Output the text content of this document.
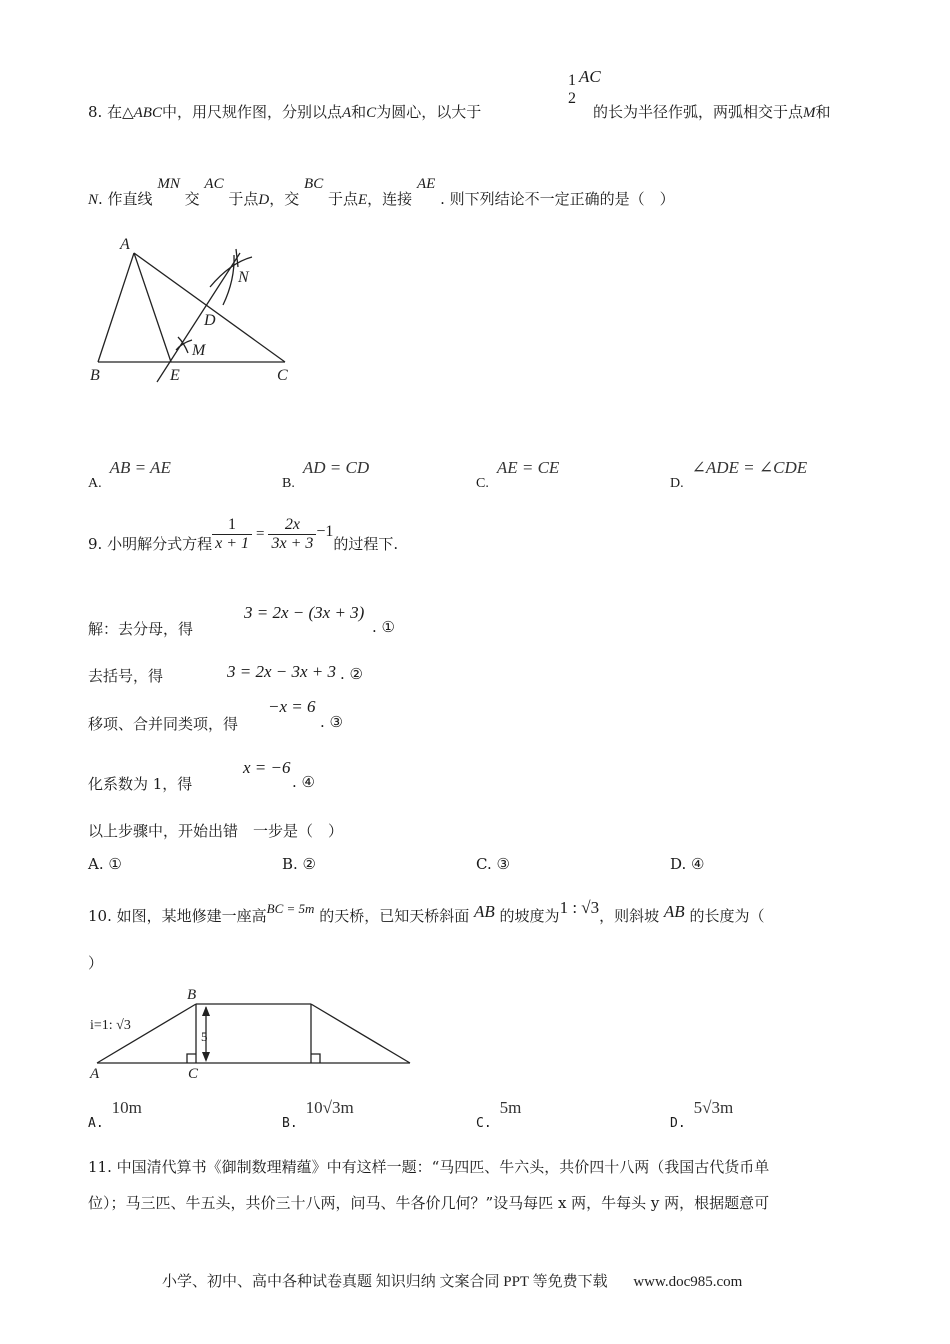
8. 在△ABC中，用尺规作图，分别以点A和C为圆心，以大于
1
2
AC
的长为半径作弧，两弧相交于点M和
N. 作直线 MN 交 AC 于点D，交 BC 于点E，连接 AE . 则下列结论不一定正确的是（　）
A
B	C
D
E
M
N
A.AB = AE
B.AD = CD
C.AE = CE
D.∠ADE = ∠CDE
9. 小明解分式方程 $\frac{1}{x + 1} = \frac{2x}{3x + 3} -1$
的过程下.
解：去分母，得
3 = 2x − (3x + 3)
. ①
去括号，得	3 = 2x − 3x + 3 . ②
移项、合并同类项，得
−x = 6
. ③
化系数为 1，得
x = −6
. ④
以上步骤中，开始出错　一步是（　）
A. ①	B. ②	C. ③	D. ④
10. 如图，某地修建一座高BC = 5m 的天桥，已知天桥斜面 AB 的坡度为1 : √3，则斜坡 AB 的长度为（
）
B
A	C
5
i=1: √3
A.10m
B.10√3m
C.5m
D.5√3m
11. 中国清代算书《御制数理精蕴》中有这样一题：“马四匹、牛六头，共价四十八两（我国古代货币单
位）；马三匹、牛五头，共价三十八两，问马、牛各价几何？”设马每匹 x 两，牛每头 y 两，根据题意可
小学、初中、高中各种试卷真题 知识归纳 文案合同 PPT 等免费下载 www.doc985.com
